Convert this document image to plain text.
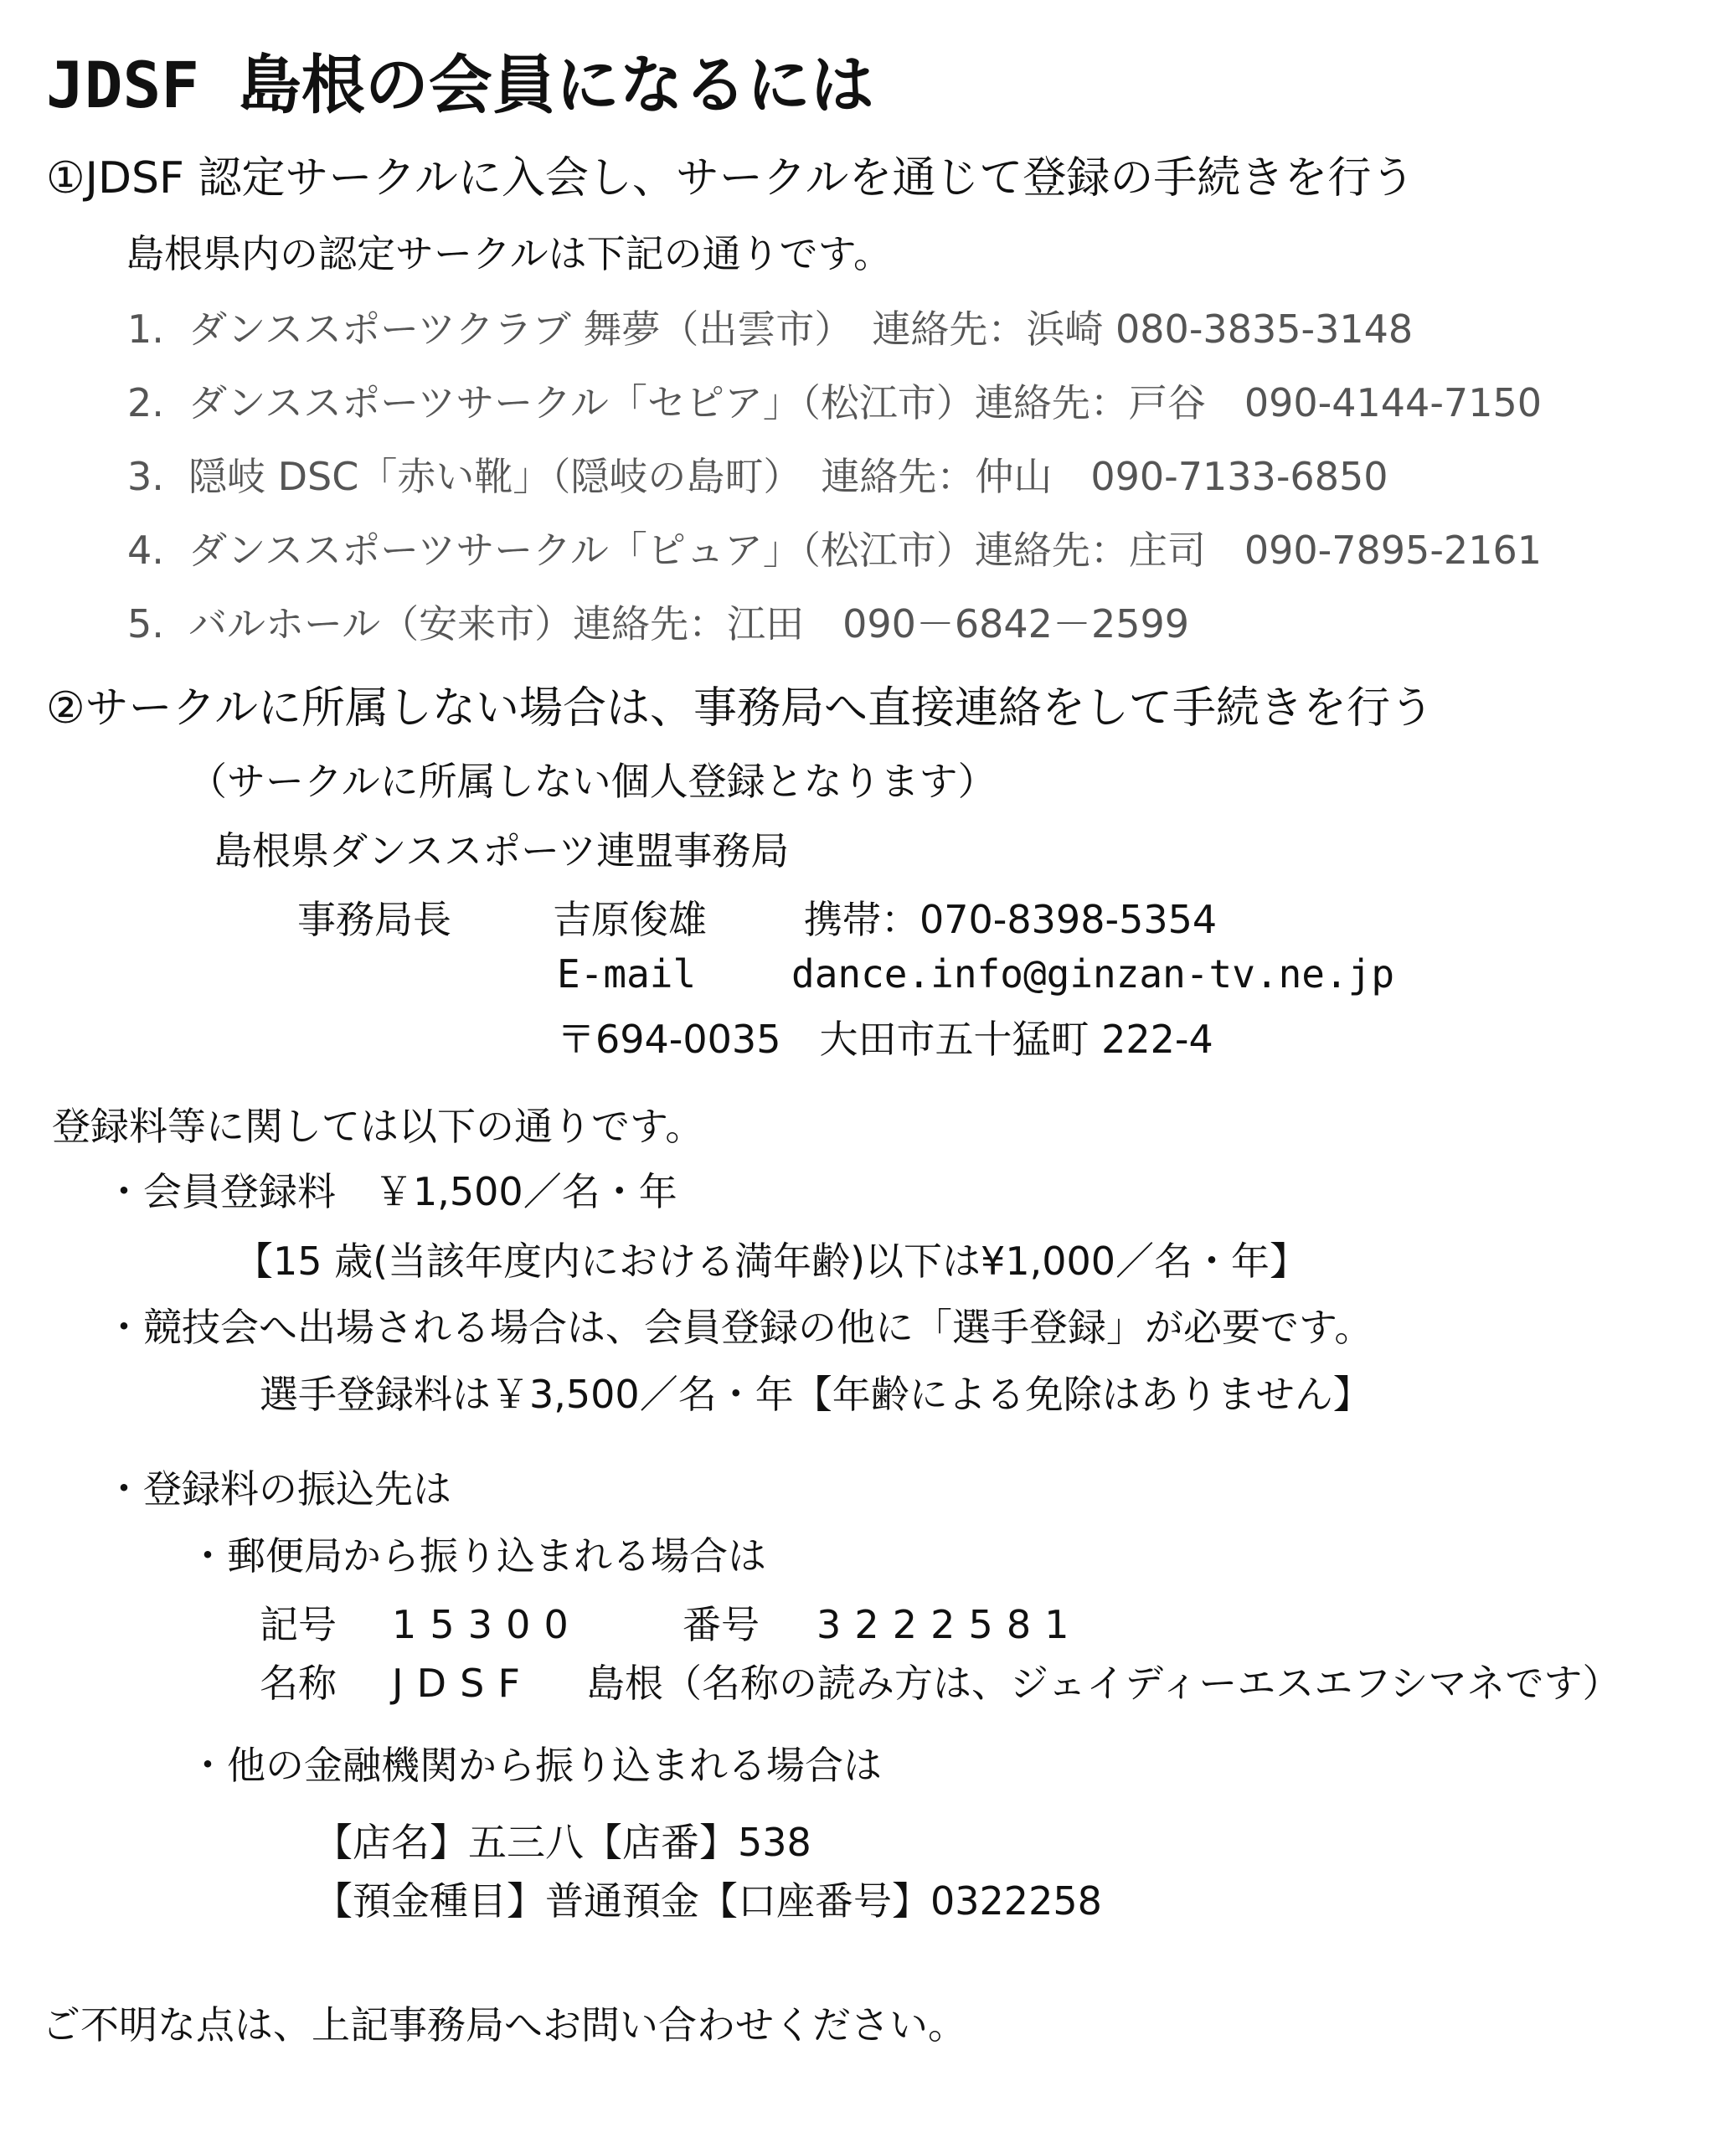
JDSF 島根の会員になるには
①JDSF 認定サークルに入会し、サークルを通じて登録の手続きを行う
島根県内の認定サークルは下記の通りです。
1. ダンススポーツクラブ 舞夢（出雲市）　連絡先：浜崎 080-3835-3148
2. ダンススポーツサークル「セピア」（松江市）連絡先：戸谷　090-4144-7150
3. 隠岐 DSC「赤い靴」（隠岐の島町）　連絡先：仲山　090-7133-6850
4. ダンススポーツサークル「ピュア」（松江市）連絡先：庄司　090-7895-2161
5. バルホール（安来市）連絡先：江田　090－6842－2599
②サークルに所属しない場合は、事務局へ直接連絡をして手続きを行う
（サークルに所属しない個人登録となります）
島根県ダンススポーツ連盟事務局
事務局長	吉原俊雄	携帯：070-8398-5354
E-mail dance.info@ginzan-tv.ne.jp
〒694-0035　大田市五十猛町 222-4
登録料等に関しては以下の通りです。
・会員登録料　￥1,500／名・年
【15 歳(当該年度内における満年齢)以下は¥1,000／名・年】
・競技会へ出場される場合は、会員登録の他に「選手登録」が必要です。
選手登録料は￥3,500／名・年【年齢による免除はありません】
・登録料の振込先は
・郵便局から振り込まれる場合は
記号 15300	番号 3222581
名称 JDSF 島根（名称の読み方は、ジェイディーエスエフシマネです）
・他の金融機関から振り込まれる場合は
【店名】五三八【店番】538
【預金種目】普通預金【口座番号】0322258
ご不明な点は、上記事務局へお問い合わせください。
